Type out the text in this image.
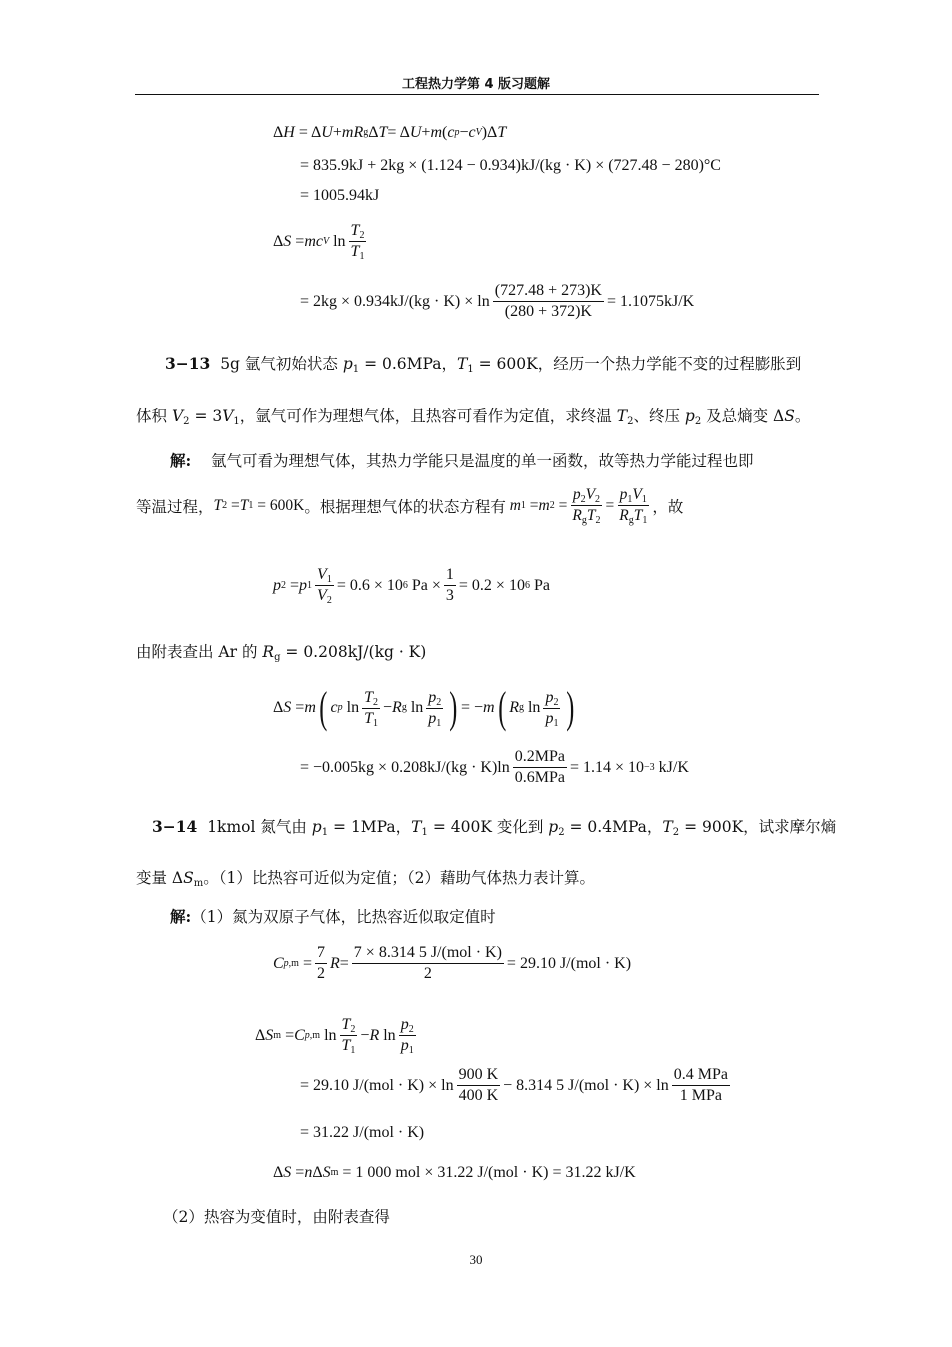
工程热力学第 4 版习题解
Δ H = Δ U + mR g Δ T = Δ U + m ( c p − c V )Δ T
= 835.9kJ + 2kg × (1.124 − 0.934)kJ/(kg · K) × (727.48 − 280)°C
= 1005.94kJ
Δ S = mc V $\ln \frac{T_2}{T_1}$
= $2kg \times 0.934kJ/(kg \cdot K) \times \ln \frac{(727.48 + 273)K}{(280 + 372)K} = 1.1075kJ/K$
3−13  5g 氩气初始状态 $p_1 = 0.6MPa$，$T_1 = 600K$，经历一个热力学能不变的过程膨胀到
体积 $V_2 = 3V_1$，氩气可作为理想气体，且热容可看作为定值，求终温 $T_2$、终压 $p_2$ 及总熵变 ΔS。
解: 氩气可看为理想气体，其热力学能只是温度的单一函数，故等热力学能过程也即
等温过程， T 2 = T 1 = 600K 。根据理想气体的状态方程有
m 1 = m $2 = \frac{p_2V_2}{R_gT_2} = \frac{p_1V_1}{R_gT_1}$ ，故
p 2 = p $1 \frac{V_1}{V_2} = 0.6 \times 10$ 6 $Pa \times \frac{1}{3} = 0.2 \times 10$ 6 Pa
由附表查出 Ar 的 $R_g = 0.208kJ/(kg \cdot K)$
Δ S = m ( c p $\ln \frac{T_2}{T_1} - R$ g $\ln \frac{p_2}{p_1}$ ) = − m ( R g $\ln \frac{p_2}{p_1}$ )
= $-0.005kg \times 0.208kJ/(kg \cdot K)\ln \frac{\text{0.2MPa}}{\text{0.6MPa}} = 1.14 \times 10 -3$ kJ/K
3−14  1kmol 氮气由 $p_1 = 1MPa$，$T_1 = 400K$ 变化到 $p_2 = 0.4MPa$，$T_2 = 900K$，试求摩尔熵
变量 $\Delta S_m$。（1）比热容可近似为定值；（2）藉助气体热力表计算。
解:（1）氮为双原子气体，比热容近似取定值时
C $p,m = \frac{7}{2}$ $R = \frac{\text{7 × 8.314 5 J/(mol · K)}}{2} = 29.10$ J/(mol · K)
Δ S m = C p,m $\ln \frac{T_2}{T_1} - R$ $\ln \frac{p_2}{p_1}$
= 29.10 $J/(mol \cdot K) \times \ln \frac{900 K}{400 K} - 8.314$ 5 $J/(mol \cdot K) \times \ln \frac{\text{0.4 MPa}}{\text{1 MPa}}$
= 31.22 J/(mol · K)
Δ S = n Δ S m = 1 000 mol × 31.22 J/(mol · K) = 31.22 kJ/K
（2）热容为变值时，由附表查得
30
